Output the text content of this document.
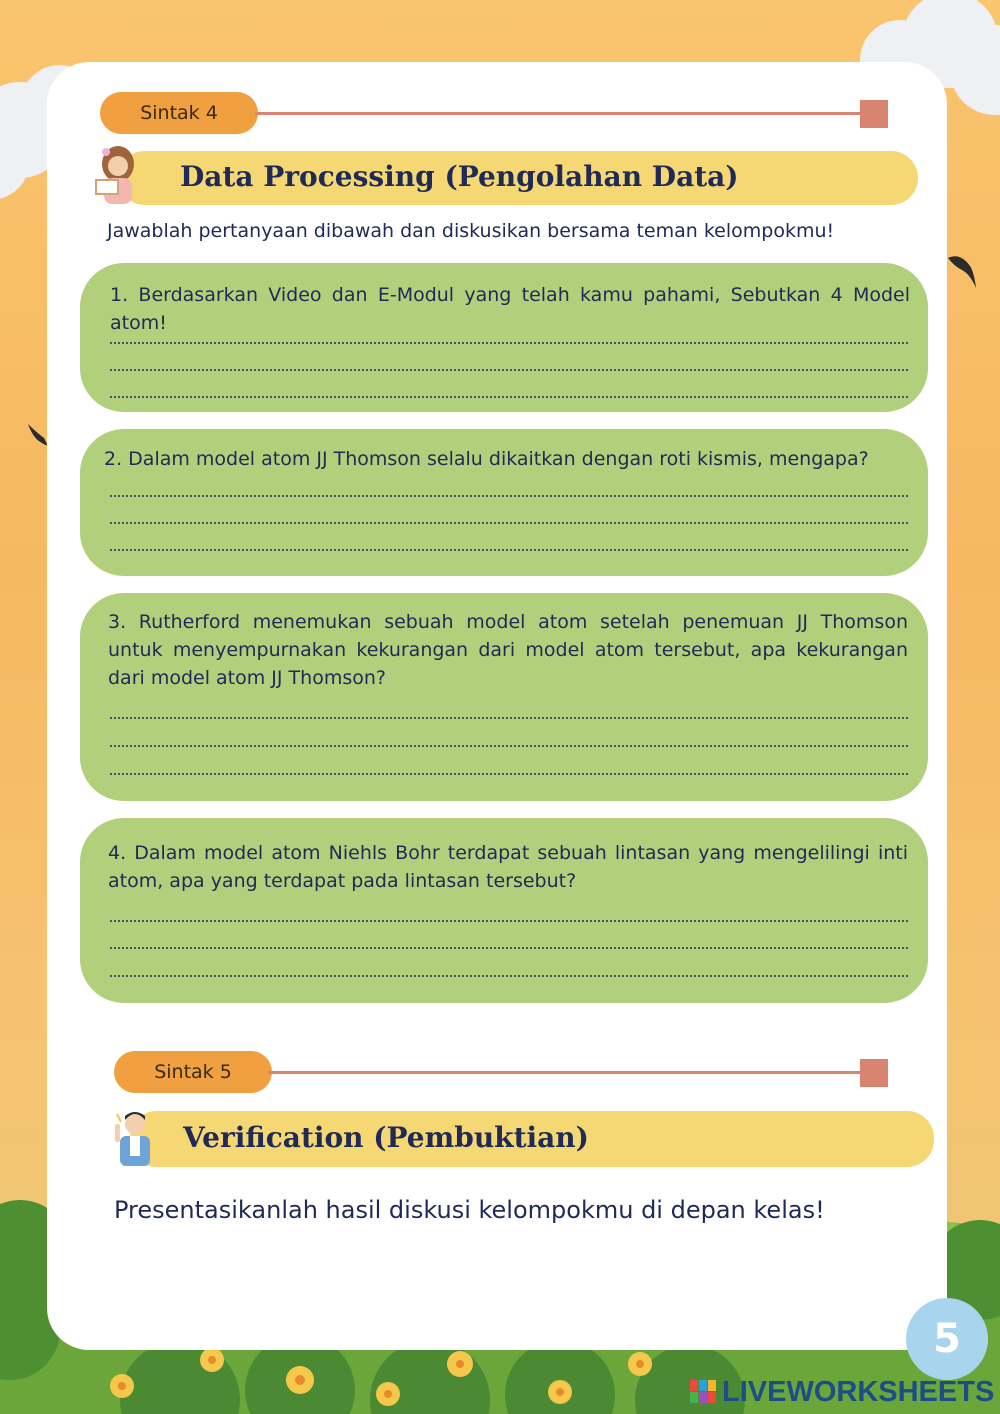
Sintak 4
Data Processing (Pengolahan Data)
Jawablah pertanyaan dibawah dan diskusikan bersama teman kelompokmu!
1. Berdasarkan Video dan E-Modul yang telah kamu pahami, Sebutkan 4 Model atom!
2. Dalam model atom JJ Thomson selalu dikaitkan dengan roti kismis, mengapa?
3. Rutherford menemukan sebuah model atom setelah penemuan JJ Thomson untuk menyempurnakan kekurangan dari model atom tersebut, apa kekurangan dari model atom JJ Thomson?
4. Dalam model atom Niehls Bohr terdapat sebuah lintasan yang mengelilingi inti atom, apa yang terdapat pada lintasan tersebut?
Sintak 5
Verification (Pembuktian)
Presentasikanlah hasil diskusi kelompokmu di depan kelas!
5
LIVEWORKSHEETS
